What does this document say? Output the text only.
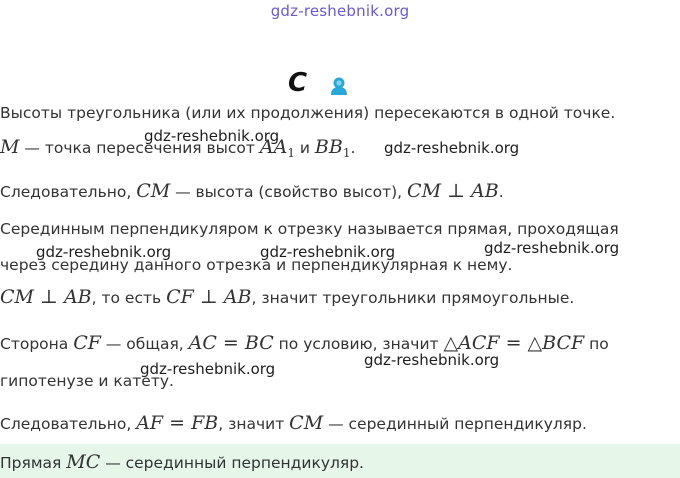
gdz-reshebnik.org
C
Высоты треугольника (или их продолжения) пересекаются в одной точке.
M — точка пересечения высот $AA_1$ и $BB_1$.
Следовательно, CM — высота (свойство высот), CM ⊥ AB.
Серединным перпендикуляром к отрезку называется прямая, проходящая
через середину данного отрезка и перпендикулярная к нему.
CM ⊥ AB, то есть CF ⊥ AB, значит треугольники прямоугольные.
Сторона CF — общая, AC = BC по условию, значит △ACF = △BCF по
гипотенузе и катету.
Следовательно, AF = FB, значит CM — серединный перпендикуляр.
Прямая MC — серединный перпендикуляр.
gdz-reshebnik.org
gdz-reshebnik.org
gdz-reshebnik.org	gdz-reshebnik.org	gdz-reshebnik.org
gdz-reshebnik.org
gdz-reshebnik.org
